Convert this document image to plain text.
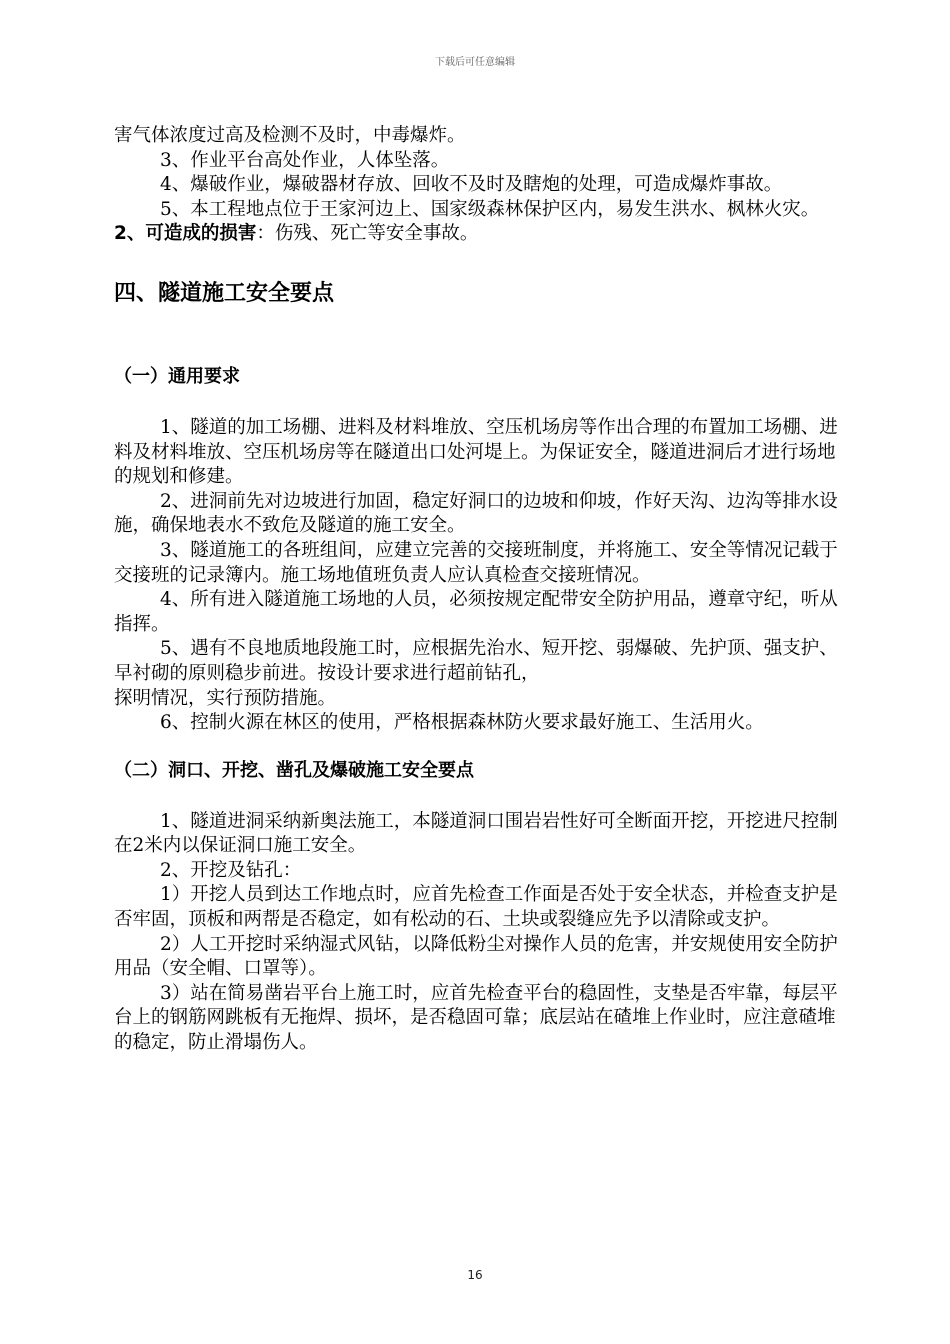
下载后可任意编辑

害气体浓度过高及检测不及时，中毒爆炸。

3、作业平台高处作业，人体坠落。

4、爆破作业，爆破器材存放、回收不及时及瞎炮的处理，可造成爆炸事故。

5、本工程地点位于王家河边上、国家级森林保护区内，易发生洪水、枫林火灾。

2、可造成的损害：伤残、死亡等安全事故。

四、隧道施工安全要点

（一）通用要求

1、隧道的加工场棚、进料及材料堆放、空压机场房等作出合理的布置加工场棚、进料及材料堆放、空压机场房等在隧道出口处河堤上。为保证安全，隧道进洞后才进行场地的规划和修建。

2、进洞前先对边坡进行加固，稳定好洞口的边坡和仰坡，作好天沟、边沟等排水设施，确保地表水不致危及隧道的施工安全。

3、隧道施工的各班组间，应建立完善的交接班制度，并将施工、安全等情况记载于交接班的记录簿内。施工场地值班负责人应认真检查交接班情况。

4、所有进入隧道施工场地的人员，必须按规定配带安全防护用品，遵章守纪，听从指挥。

5、遇有不良地质地段施工时，应根据先治水、短开挖、弱爆破、先护顶、强支护、早衬砌的原则稳步前进。按设计要求进行超前钻孔，

探明情况，实行预防措施。

6、控制火源在林区的使用，严格根据森林防火要求最好施工、生活用火。

（二）洞口、开挖、凿孔及爆破施工安全要点

1、隧道进洞采纳新奥法施工，本隧道洞口围岩岩性好可全断面开挖，开挖进尺控制在2米内以保证洞口施工安全。

2、开挖及钻孔：

1）开挖人员到达工作地点时，应首先检查工作面是否处于安全状态，并检查支护是否牢固，顶板和两帮是否稳定，如有松动的石、土块或裂缝应先予以清除或支护。

2）人工开挖时采纳湿式风钻，以降低粉尘对操作人员的危害，并安规使用安全防护用品（安全帽、口罩等）。

3）站在简易凿岩平台上施工时，应首先检查平台的稳固性，支垫是否牢靠，每层平台上的钢筋网跳板有无拖焊、损坏，是否稳固可靠；底层站在碴堆上作业时，应注意碴堆的稳定，防止滑塌伤人。

16
